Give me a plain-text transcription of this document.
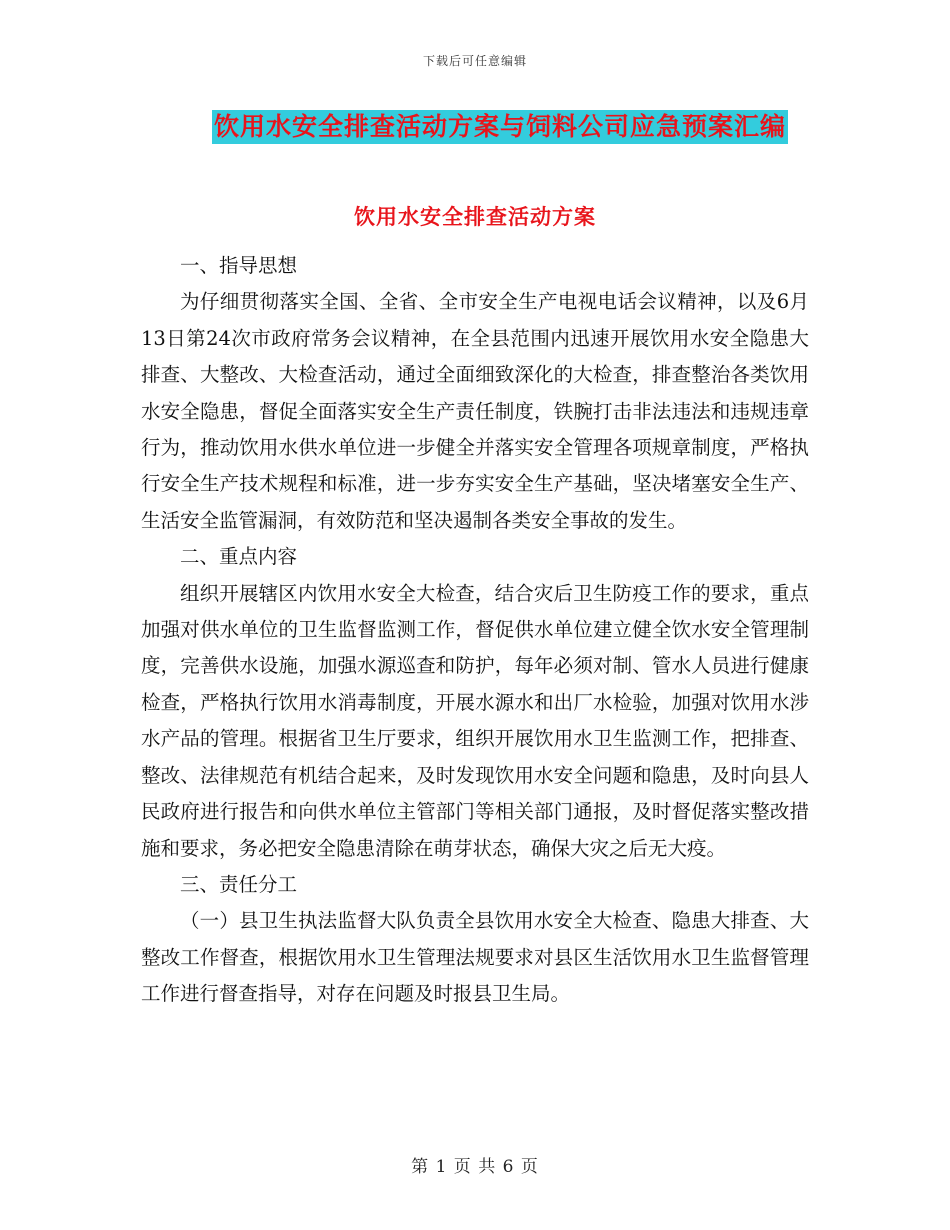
下载后可任意编辑
饮用水安全排查活动方案与饲料公司应急预案汇编
饮用水安全排查活动方案

一、指导思想

为仔细贯彻落实全国、全省、全市安全生产电视电话会议精神，以及6月13日第24次市政府常务会议精神，在全县范围内迅速开展饮用水安全隐患大排查、大整改、大检查活动，通过全面细致深化的大检查，排查整治各类饮用水安全隐患，督促全面落实安全生产责任制度，铁腕打击非法违法和违规违章行为，推动饮用水供水单位进一步健全并落实安全管理各项规章制度，严格执行安全生产技术规程和标准，进一步夯实安全生产基础，坚决堵塞安全生产、生活安全监管漏洞，有效防范和坚决遏制各类安全事故的发生。

二、重点内容

组织开展辖区内饮用水安全大检查，结合灾后卫生防疫工作的要求，重点加强对供水单位的卫生监督监测工作，督促供水单位建立健全饮水安全管理制度，完善供水设施，加强水源巡查和防护，每年必须对制、管水人员进行健康检查，严格执行饮用水消毒制度，开展水源水和出厂水检验，加强对饮用水涉水产品的管理。根据省卫生厅要求，组织开展饮用水卫生监测工作，把排查、整改、法律规范有机结合起来，及时发现饮用水安全问题和隐患，及时向县人民政府进行报告和向供水单位主管部门等相关部门通报，及时督促落实整改措施和要求，务必把安全隐患清除在萌芽状态，确保大灾之后无大疫。

三、责任分工

（一）县卫生执法监督大队负责全县饮用水安全大检查、隐患大排查、大整改工作督查，根据饮用水卫生管理法规要求对县区生活饮用水卫生监督管理工作进行督查指导，对存在问题及时报县卫生局。

第 1 页 共 6 页
